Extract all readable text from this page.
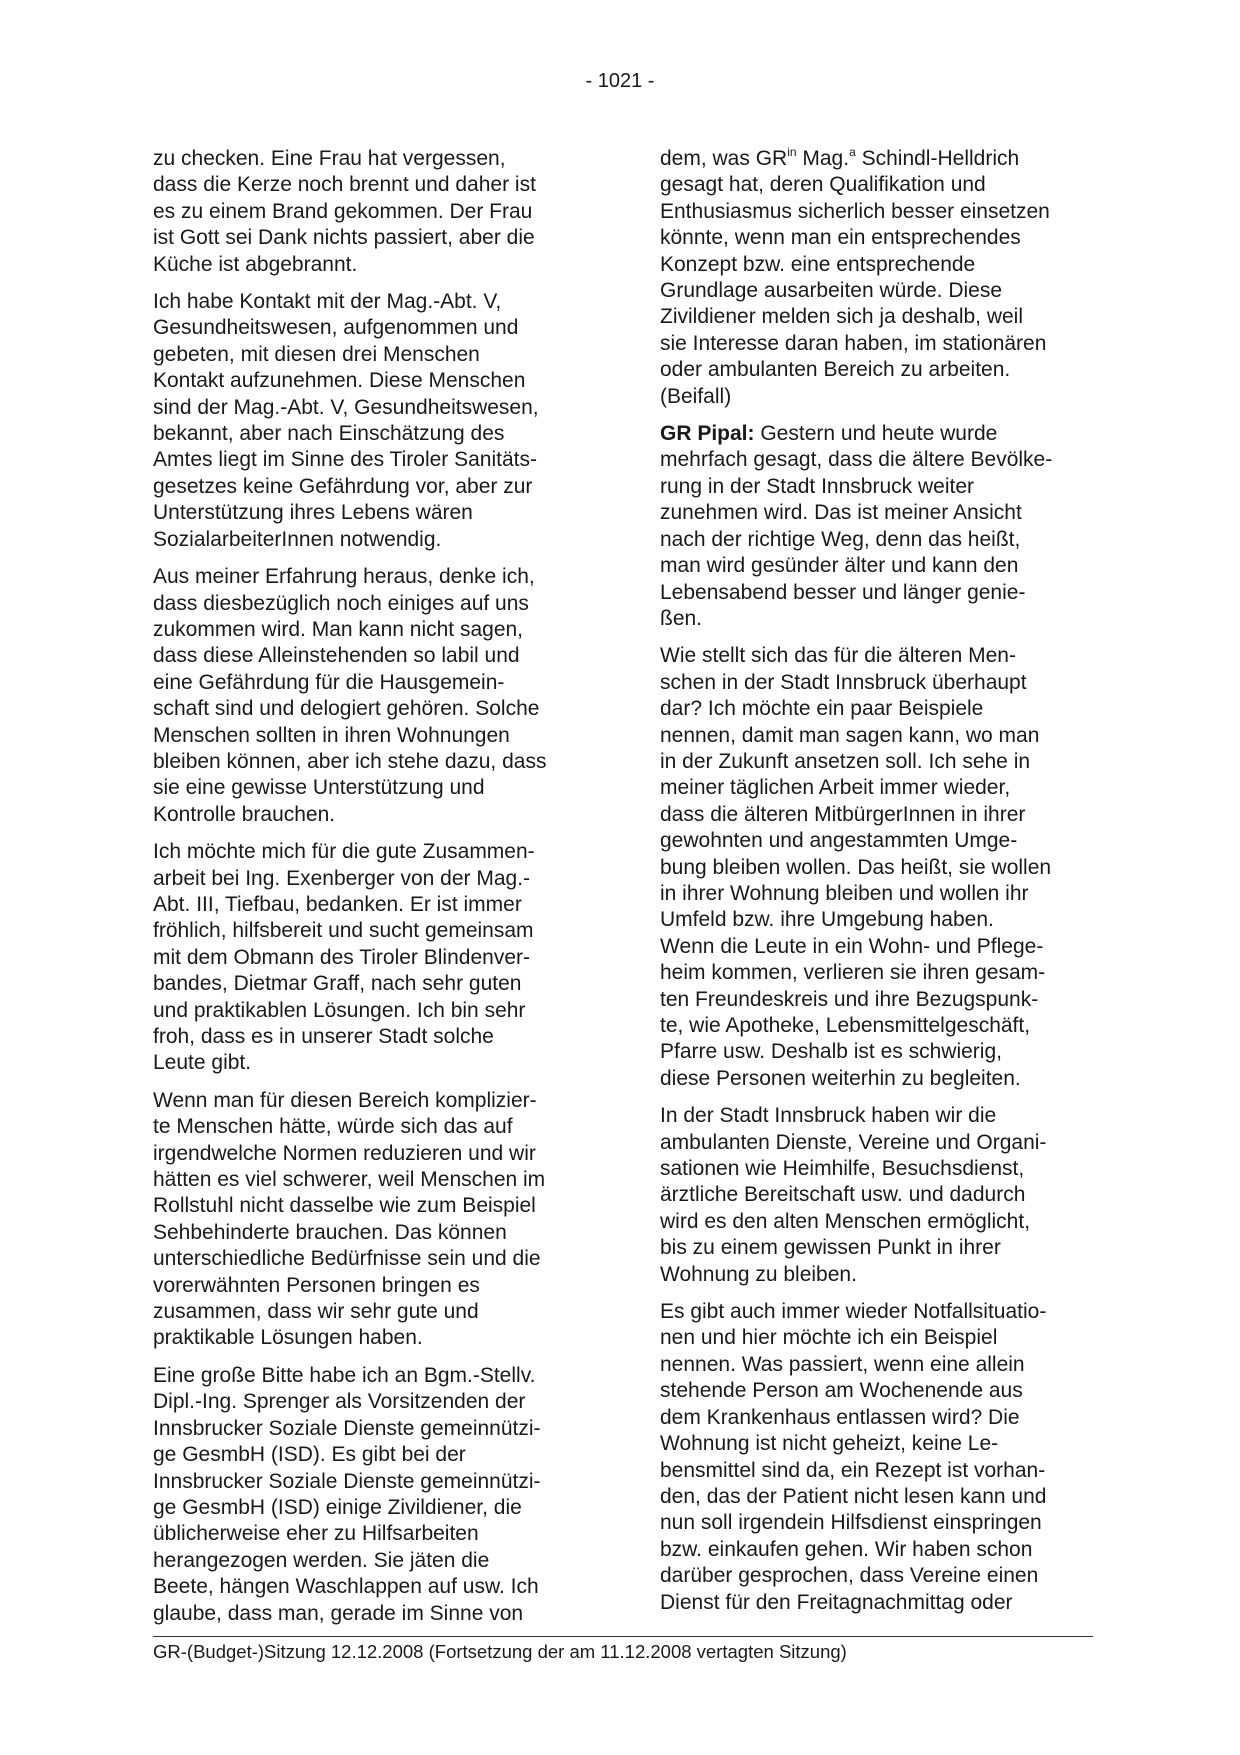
- 1021 -

zu checken. Eine Frau hat vergessen,
dass die Kerze noch brennt und daher ist
es zu einem Brand gekommen. Der Frau
ist Gott sei Dank nichts passiert, aber die
Küche ist abgebrannt.

Ich habe Kontakt mit der Mag.-Abt. V,
Gesundheitswesen, aufgenommen und
gebeten, mit diesen drei Menschen
Kontakt aufzunehmen. Diese Menschen
sind der Mag.-Abt. V, Gesundheitswesen,
bekannt, aber nach Einschätzung des
Amtes liegt im Sinne des Tiroler Sanitäts-
gesetzes keine Gefährdung vor, aber zur
Unterstützung ihres Lebens wären
SozialarbeiterInnen notwendig.

Aus meiner Erfahrung heraus, denke ich,
dass diesbezüglich noch einiges auf uns
zukommen wird. Man kann nicht sagen,
dass diese Alleinstehenden so labil und
eine Gefährdung für die Hausgemein-
schaft sind und delogiert gehören. Solche
Menschen sollten in ihren Wohnungen
bleiben können, aber ich stehe dazu, dass
sie eine gewisse Unterstützung und
Kontrolle brauchen.

Ich möchte mich für die gute Zusammen-
arbeit bei Ing. Exenberger von der Mag.-
Abt. III, Tiefbau, bedanken. Er ist immer
fröhlich, hilfsbereit und sucht gemeinsam
mit dem Obmann des Tiroler Blindenver-
bandes, Dietmar Graff, nach sehr guten
und praktikablen Lösungen. Ich bin sehr
froh, dass es in unserer Stadt solche
Leute gibt.

Wenn man für diesen Bereich komplizier-
te Menschen hätte, würde sich das auf
irgendwelche Normen reduzieren und wir
hätten es viel schwerer, weil Menschen im
Rollstuhl nicht dasselbe wie zum Beispiel
Sehbehinderte brauchen. Das können
unterschiedliche Bedürfnisse sein und die
vorerwähnten Personen bringen es
zusammen, dass wir sehr gute und
praktikable Lösungen haben.

Eine große Bitte habe ich an Bgm.-Stellv.
Dipl.-Ing. Sprenger als Vorsitzenden der
Innsbrucker Soziale Dienste gemeinnützi-
ge GesmbH (ISD). Es gibt bei der
Innsbrucker Soziale Dienste gemeinnützi-
ge GesmbH (ISD) einige Zivildiener, die
üblicherweise eher zu Hilfsarbeiten
herangezogen werden. Sie jäten die
Beete, hängen Waschlappen auf usw. Ich
glaube, dass man, gerade im Sinne von

dem, was $GR^{in}$ Mag.$^a$ Schindl-Helldrich
gesagt hat, deren Qualifikation und
Enthusiasmus sicherlich besser einsetzen
könnte, wenn man ein entsprechendes
Konzept bzw. eine entsprechende
Grundlage ausarbeiten würde. Diese
Zivildiener melden sich ja deshalb, weil
sie Interesse daran haben, im stationären
oder ambulanten Bereich zu arbeiten.
(Beifall)

GR Pipal: Gestern und heute wurde
mehrfach gesagt, dass die ältere Bevölke-
rung in der Stadt Innsbruck weiter
zunehmen wird. Das ist meiner Ansicht
nach der richtige Weg, denn das heißt,
man wird gesünder älter und kann den
Lebensabend besser und länger genie-
ßen.

Wie stellt sich das für die älteren Men-
schen in der Stadt Innsbruck überhaupt
dar? Ich möchte ein paar Beispiele
nennen, damit man sagen kann, wo man
in der Zukunft ansetzen soll. Ich sehe in
meiner täglichen Arbeit immer wieder,
dass die älteren MitbürgerInnen in ihrer
gewohnten und angestammten Umge-
bung bleiben wollen. Das heißt, sie wollen
in ihrer Wohnung bleiben und wollen ihr
Umfeld bzw. ihre Umgebung haben.
Wenn die Leute in ein Wohn- und Pflege-
heim kommen, verlieren sie ihren gesam-
ten Freundeskreis und ihre Bezugspunk-
te, wie Apotheke, Lebensmittelgeschäft,
Pfarre usw. Deshalb ist es schwierig,
diese Personen weiterhin zu begleiten.

In der Stadt Innsbruck haben wir die
ambulanten Dienste, Vereine und Organi-
sationen wie Heimhilfe, Besuchsdienst,
ärztliche Bereitschaft usw. und dadurch
wird es den alten Menschen ermöglicht,
bis zu einem gewissen Punkt in ihrer
Wohnung zu bleiben.

Es gibt auch immer wieder Notfallsituatio-
nen und hier möchte ich ein Beispiel
nennen. Was passiert, wenn eine allein
stehende Person am Wochenende aus
dem Krankenhaus entlassen wird? Die
Wohnung ist nicht geheizt, keine Le-
bensmittel sind da, ein Rezept ist vorhan-
den, das der Patient nicht lesen kann und
nun soll irgendein Hilfsdienst einspringen
bzw. einkaufen gehen. Wir haben schon
darüber gesprochen, dass Vereine einen
Dienst für den Freitagnachmittag oder

GR-(Budget-)Sitzung 12.12.2008 (Fortsetzung der am 11.12.2008 vertagten Sitzung)
